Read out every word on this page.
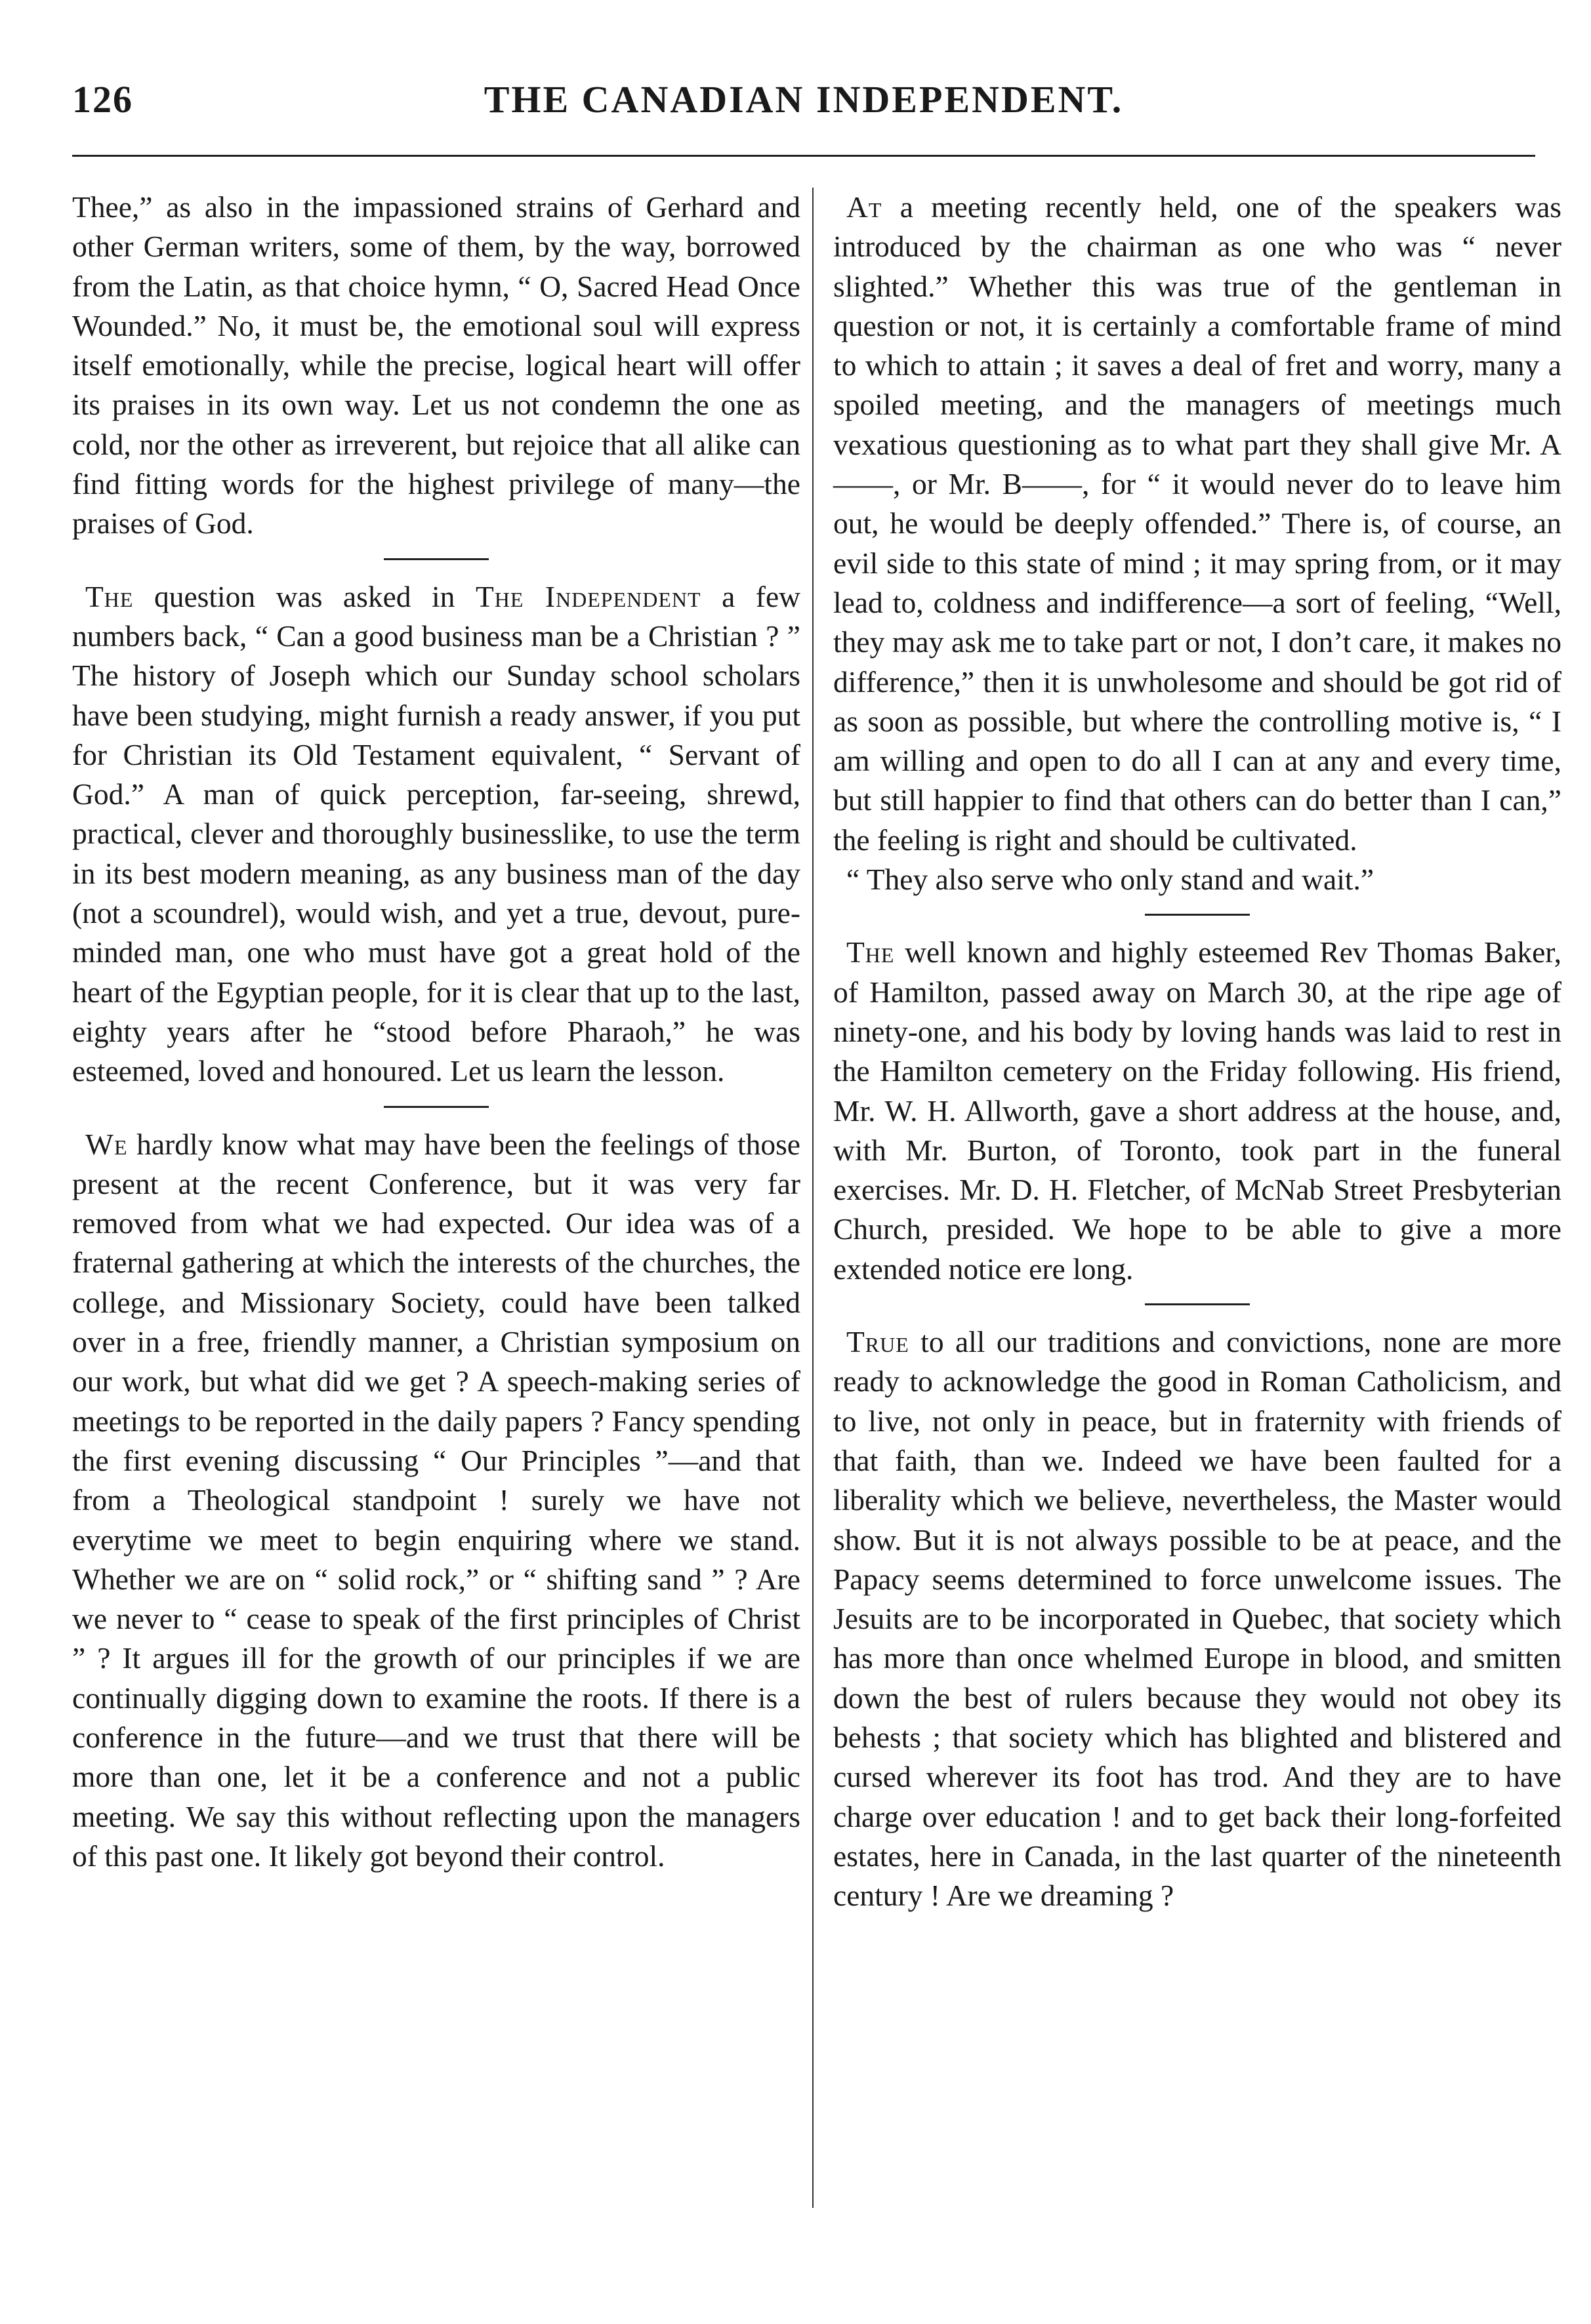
126	THE CANADIAN INDEPENDENT.

Thee,” as also in the impassioned strains of Gerhard and other German writers, some of them, by the way, borrowed from the Latin, as that choice hymn, “ O, Sacred Head Once Wounded.” No, it must be, the emotional soul will express itself emotionally, while the precise, logical heart will offer its praises in its own way. Let us not condemn the one as cold, nor the other as irreverent, but rejoice that all alike can find fitting words for the highest privilege of many—the praises of God.

The question was asked in The Independent a few numbers back, “ Can a good business man be a Christian ? ” The history of Joseph which our Sunday school scholars have been studying, might furnish a ready answer, if you put for Christian its Old Testament equivalent, “ Servant of God.” A man of quick perception, far-seeing, shrewd, practical, clever and thoroughly businesslike, to use the term in its best modern meaning, as any business man of the day (not a scoundrel), would wish, and yet a true, devout, pure-minded man, one who must have got a great hold of the heart of the Egyptian people, for it is clear that up to the last, eighty years after he “stood before Pharaoh,” he was esteemed, loved and honoured. Let us learn the lesson.

We hardly know what may have been the feelings of those present at the recent Conference, but it was very far removed from what we had expected. Our idea was of a fraternal gathering at which the interests of the churches, the college, and Missionary Society, could have been talked over in a free, friendly manner, a Christian symposium on our work, but what did we get ? A speech-making series of meetings to be reported in the daily papers ? Fancy spending the first evening discussing “ Our Principles ”—and that from a Theological standpoint ! surely we have not everytime we meet to begin enquiring where we stand. Whether we are on “ solid rock,” or “ shifting sand ” ? Are we never to “ cease to speak of the first principles of Christ ” ? It argues ill for the growth of our principles if we are continually digging down to examine the roots. If there is a conference in the future—and we trust that there will be more than one, let it be a conference and not a public meeting. We say this without reflecting upon the managers of this past one. It likely got beyond their control.

At a meeting recently held, one of the speakers was introduced by the chairman as one who was “ never slighted.” Whether this was true of the gentleman in question or not, it is certainly a comfortable frame of mind to which to attain ; it saves a deal of fret and worry, many a spoiled meeting, and the managers of meetings much vexatious questioning as to what part they shall give Mr. A——, or Mr. B——, for “ it would never do to leave him out, he would be deeply offended.” There is, of course, an evil side to this state of mind ; it may spring from, or it may lead to, coldness and indifference—a sort of feeling, “Well, they may ask me to take part or not, I don’t care, it makes no difference,” then it is unwholesome and should be got rid of as soon as possible, but where the controlling motive is, “ I am willing and open to do all I can at any and every time, but still happier to find that others can do better than I can,” the feeling is right and should be cultivated.
“ They also serve who only stand and wait.”

The well known and highly esteemed Rev Thomas Baker, of Hamilton, passed away on March 30, at the ripe age of ninety-one, and his body by loving hands was laid to rest in the Hamilton cemetery on the Friday following. His friend, Mr. W. H. Allworth, gave a short address at the house, and, with Mr. Burton, of Toronto, took part in the funeral exercises. Mr. D. H. Fletcher, of McNab Street Presbyterian Church, presided. We hope to be able to give a more extended notice ere long.

True to all our traditions and convictions, none are more ready to acknowledge the good in Roman Catholicism, and to live, not only in peace, but in fraternity with friends of that faith, than we. Indeed we have been faulted for a liberality which we believe, nevertheless, the Master would show. But it is not always possible to be at peace, and the Papacy seems determined to force unwelcome issues. The Jesuits are to be incorporated in Quebec, that society which has more than once whelmed Europe in blood, and smitten down the best of rulers because they would not obey its behests ; that society which has blighted and blistered and cursed wherever its foot has trod. And they are to have charge over education ! and to get back their long-forfeited estates, here in Canada, in the last quarter of the nineteenth century ! Are we dreaming ?
